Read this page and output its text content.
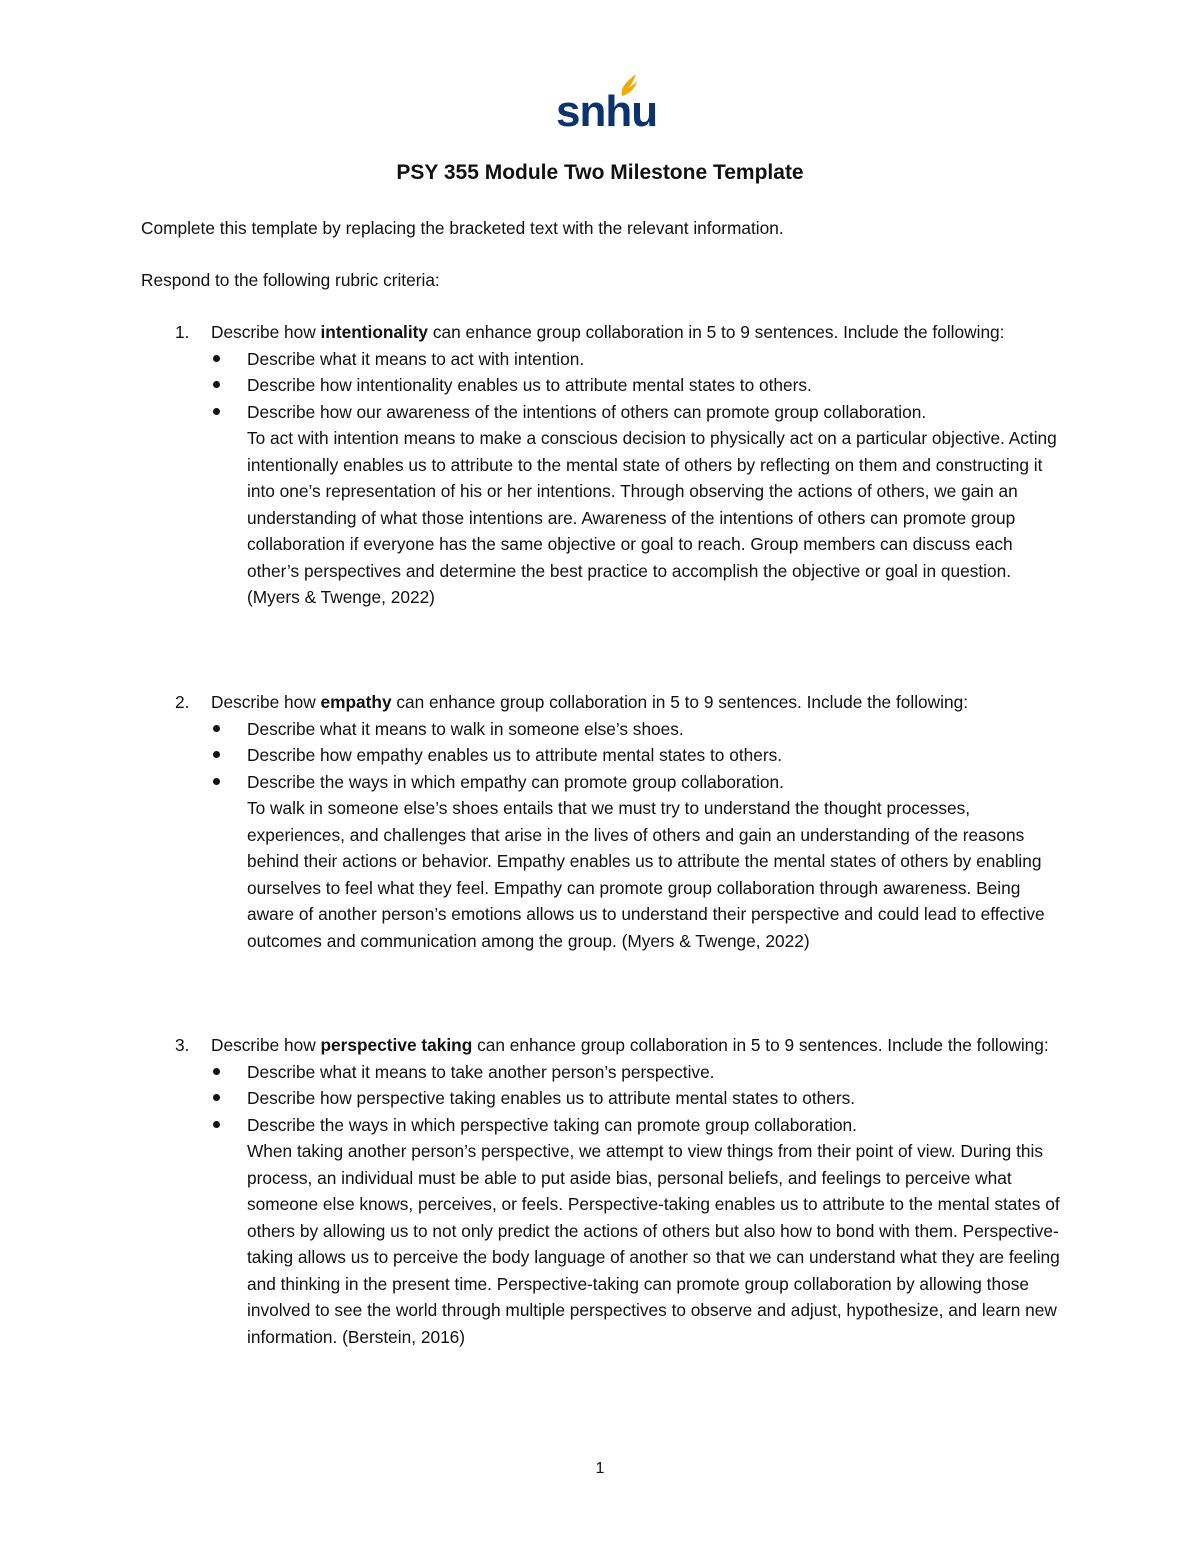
snhu
PSY 355 Module Two Milestone Template
Complete this template by replacing the bracketed text with the relevant information.
Respond to the following rubric criteria:
1. Describe how intentionality can enhance group collaboration in 5 to 9 sentences. Include the following:
Describe what it means to act with intention.
Describe how intentionality enables us to attribute mental states to others.
Describe how our awareness of the intentions of others can promote group collaboration.
To act with intention means to make a conscious decision to physically act on a particular objective. Acting intentionally enables us to attribute to the mental state of others by reflecting on them and constructing it into one’s representation of his or her intentions. Through observing the actions of others, we gain an understanding of what those intentions are. Awareness of the intentions of others can promote group collaboration if everyone has the same objective or goal to reach. Group members can discuss each other’s perspectives and determine the best practice to accomplish the objective or goal in question. (Myers & Twenge, 2022)
2. Describe how empathy can enhance group collaboration in 5 to 9 sentences. Include the following:
Describe what it means to walk in someone else’s shoes.
Describe how empathy enables us to attribute mental states to others.
Describe the ways in which empathy can promote group collaboration.
To walk in someone else’s shoes entails that we must try to understand the thought processes, experiences, and challenges that arise in the lives of others and gain an understanding of the reasons behind their actions or behavior. Empathy enables us to attribute the mental states of others by enabling ourselves to feel what they feel. Empathy can promote group collaboration through awareness. Being aware of another person’s emotions allows us to understand their perspective and could lead to effective outcomes and communication among the group. (Myers & Twenge, 2022)
3. Describe how perspective taking can enhance group collaboration in 5 to 9 sentences. Include the following:
Describe what it means to take another person’s perspective.
Describe how perspective taking enables us to attribute mental states to others.
Describe the ways in which perspective taking can promote group collaboration.
When taking another person’s perspective, we attempt to view things from their point of view. During this process, an individual must be able to put aside bias, personal beliefs, and feelings to perceive what someone else knows, perceives, or feels. Perspective-taking enables us to attribute to the mental states of others by allowing us to not only predict the actions of others but also how to bond with them. Perspective-taking allows us to perceive the body language of another so that we can understand what they are feeling and thinking in the present time. Perspective-taking can promote group collaboration by allowing those involved to see the world through multiple perspectives to observe and adjust, hypothesize, and learn new information. (Berstein, 2016)
1
